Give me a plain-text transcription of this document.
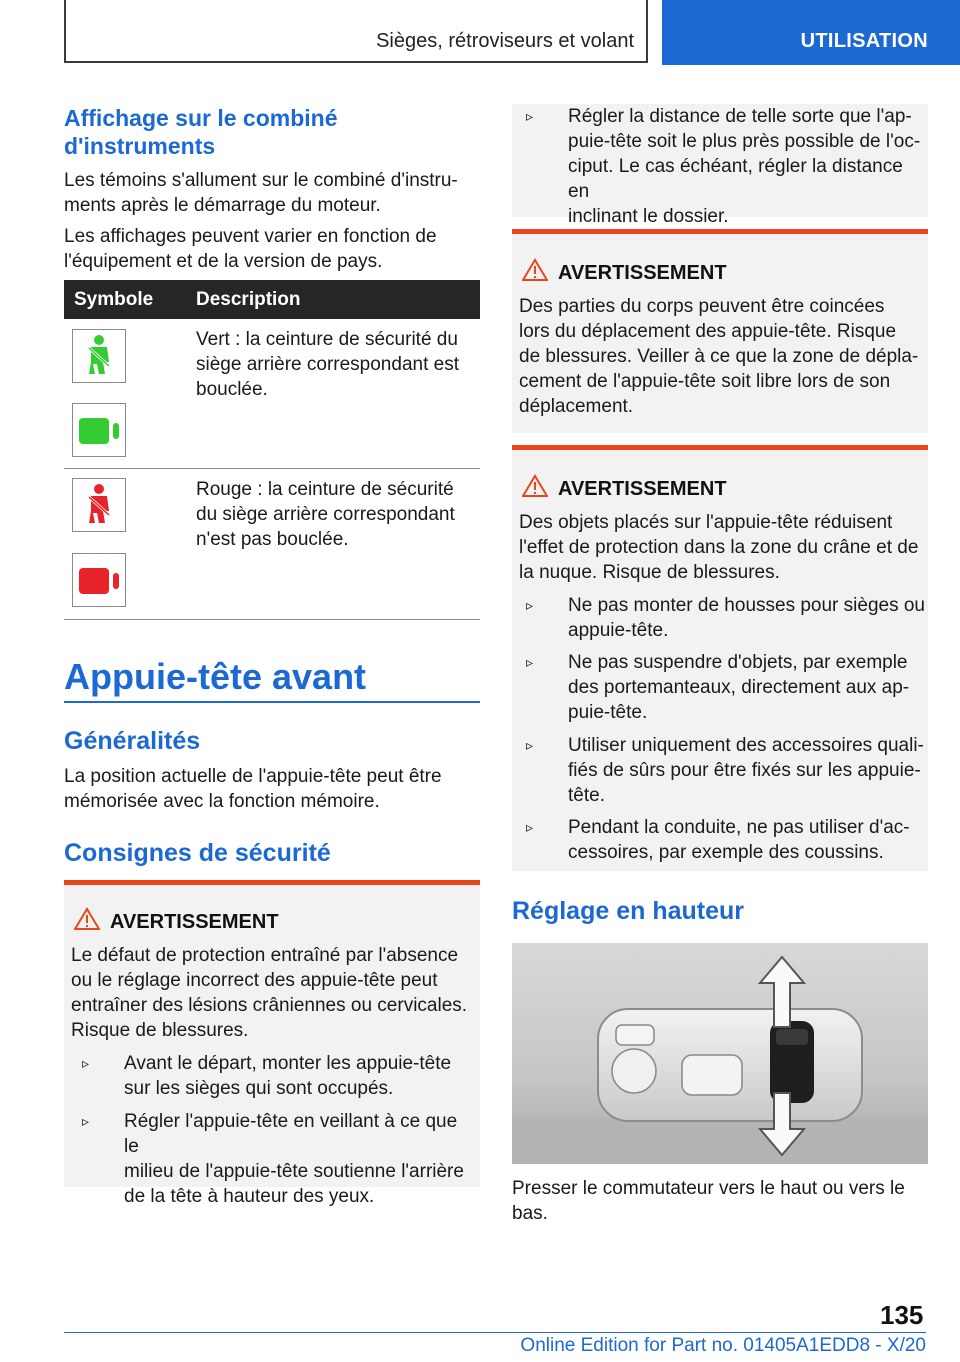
Sièges, rétroviseurs et volant	UTILISATION
Affichage sur le combiné
d'instruments
Les témoins s'allument sur le combiné d'instru-
ments après le démarrage du moteur.
Les affichages peuvent varier en fonction de
l'équipement et de la version de pays.
Symbole Description
Vert : la ceinture de sécurité du
siège arrière correspondant est
bouclée.
Rouge : la ceinture de sécurité
du siège arrière correspondant
n'est pas bouclée.
Appuie-tête avant
Généralités
La position actuelle de l'appuie-tête peut être
mémorisée avec la fonction mémoire.
Consignes de sécurité
AVERTISSEMENT
Le défaut de protection entraîné par l'absence
ou le réglage incorrect des appuie-tête peut
entraîner des lésions crâniennes ou cervicales.
Risque de blessures.
▹ Avant le départ, monter les appuie-tête
sur les sièges qui sont occupés.
▹ Régler l'appuie-tête en veillant à ce que le
milieu de l'appuie-tête soutienne l'arrière
de la tête à hauteur des yeux.
▹ Régler la distance de telle sorte que l'ap-
puie-tête soit le plus près possible de l'oc-
ciput. Le cas échéant, régler la distance en
inclinant le dossier.
AVERTISSEMENT
Des parties du corps peuvent être coincées
lors du déplacement des appuie-tête. Risque
de blessures. Veiller à ce que la zone de dépla-
cement de l'appuie-tête soit libre lors de son
déplacement.
AVERTISSEMENT
Des objets placés sur l'appuie-tête réduisent
l'effet de protection dans la zone du crâne et de
la nuque. Risque de blessures.
▹ Ne pas monter de housses pour sièges ou
appuie-tête.
▹ Ne pas suspendre d'objets, par exemple
des portemanteaux, directement aux ap-
puie-tête.
▹ Utiliser uniquement des accessoires quali-
fiés de sûrs pour être fixés sur les appuie-
tête.
▹ Pendant la conduite, ne pas utiliser d'ac-
cessoires, par exemple des coussins.
Réglage en hauteur
Presser le commutateur vers le haut ou vers le
bas.
135
Online Edition for Part no. 01405A1EDD8 - X/20
